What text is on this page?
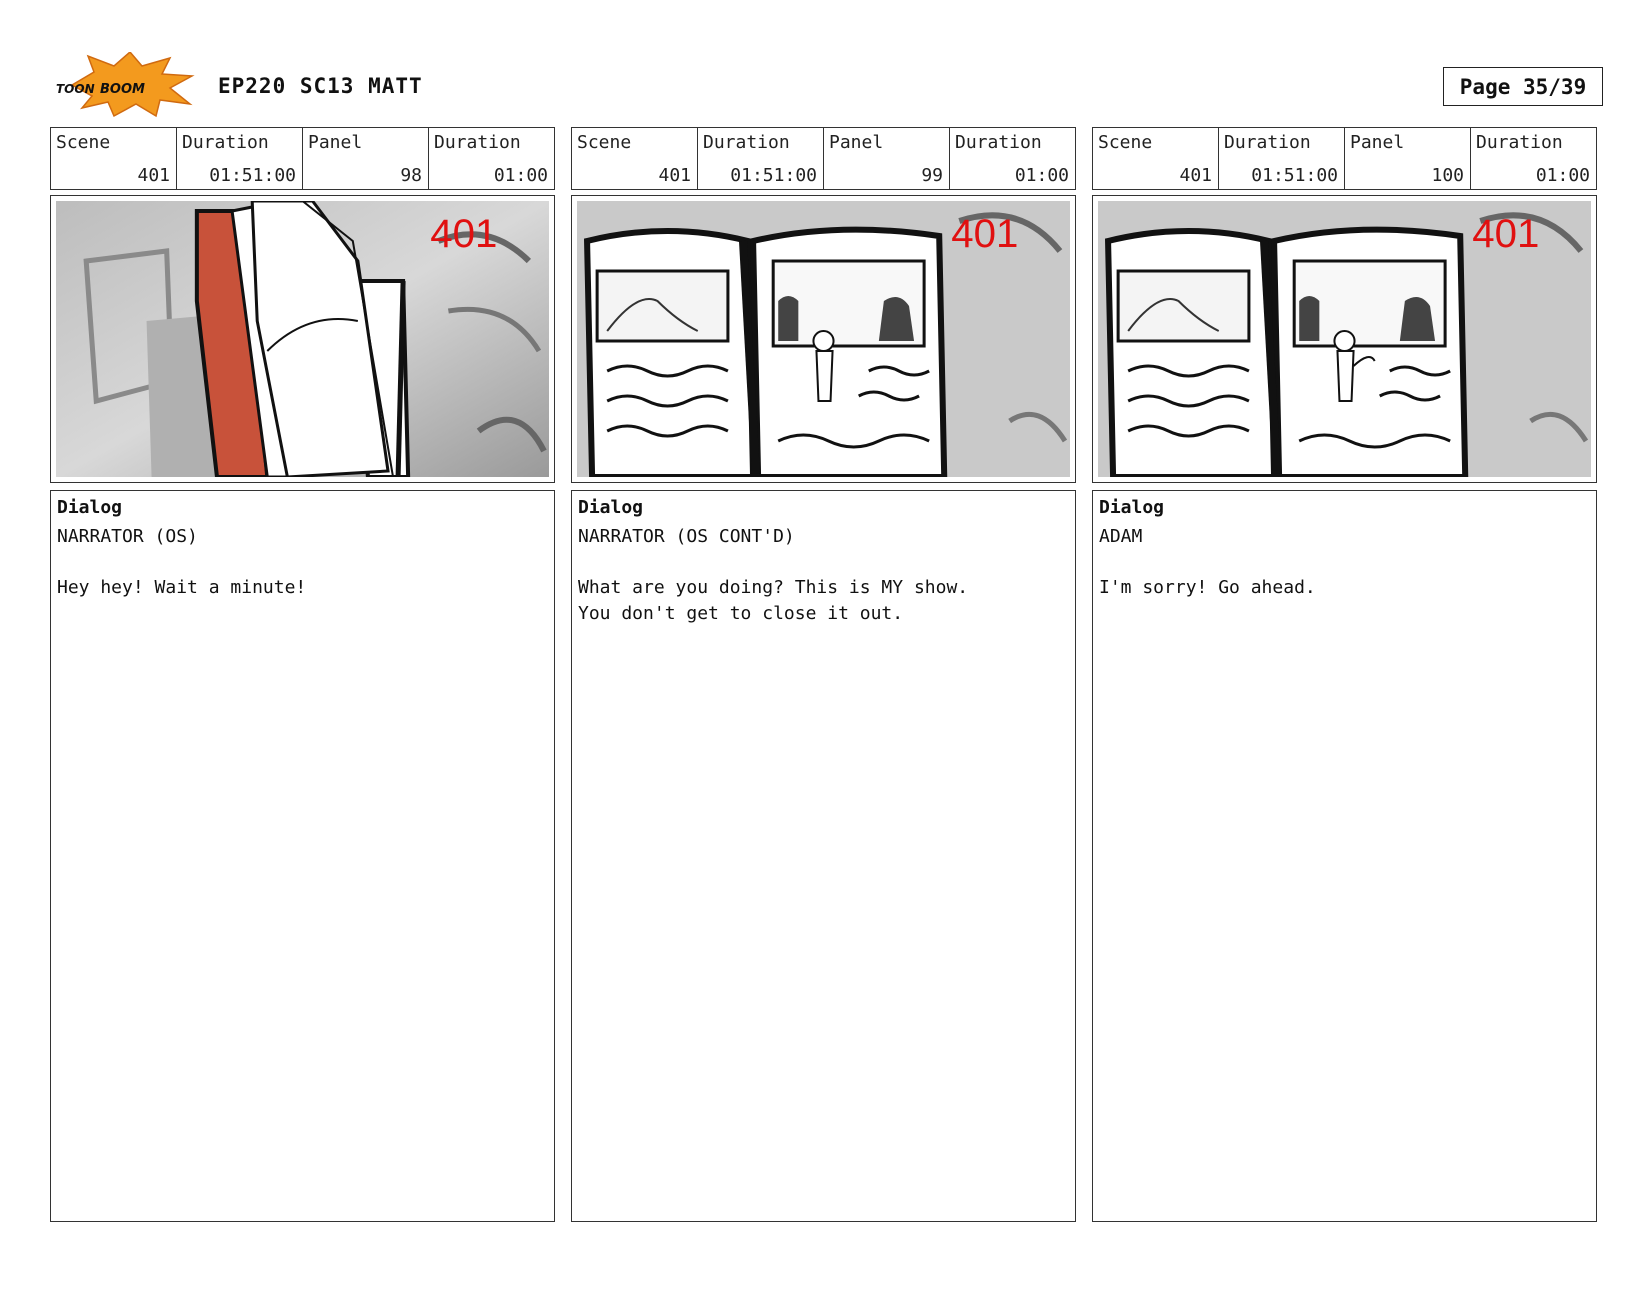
TOON BOOM	EP220 SC13 MATT	Page 35/39
Scene
401
Duration
01:51:00
Panel
98
Duration
01:00
401
Dialog
NARRATOR (OS)
Hey hey! Wait a minute!
Scene
401
Duration
01:51:00
Panel
99
Duration
01:00
401
Dialog
NARRATOR (OS CONT'D)
What are you doing? This is MY show.
You don't get to close it out.
Scene
401
Duration
01:51:00
Panel
100
Duration
01:00
401
Dialog
ADAM
I'm sorry! Go ahead.
